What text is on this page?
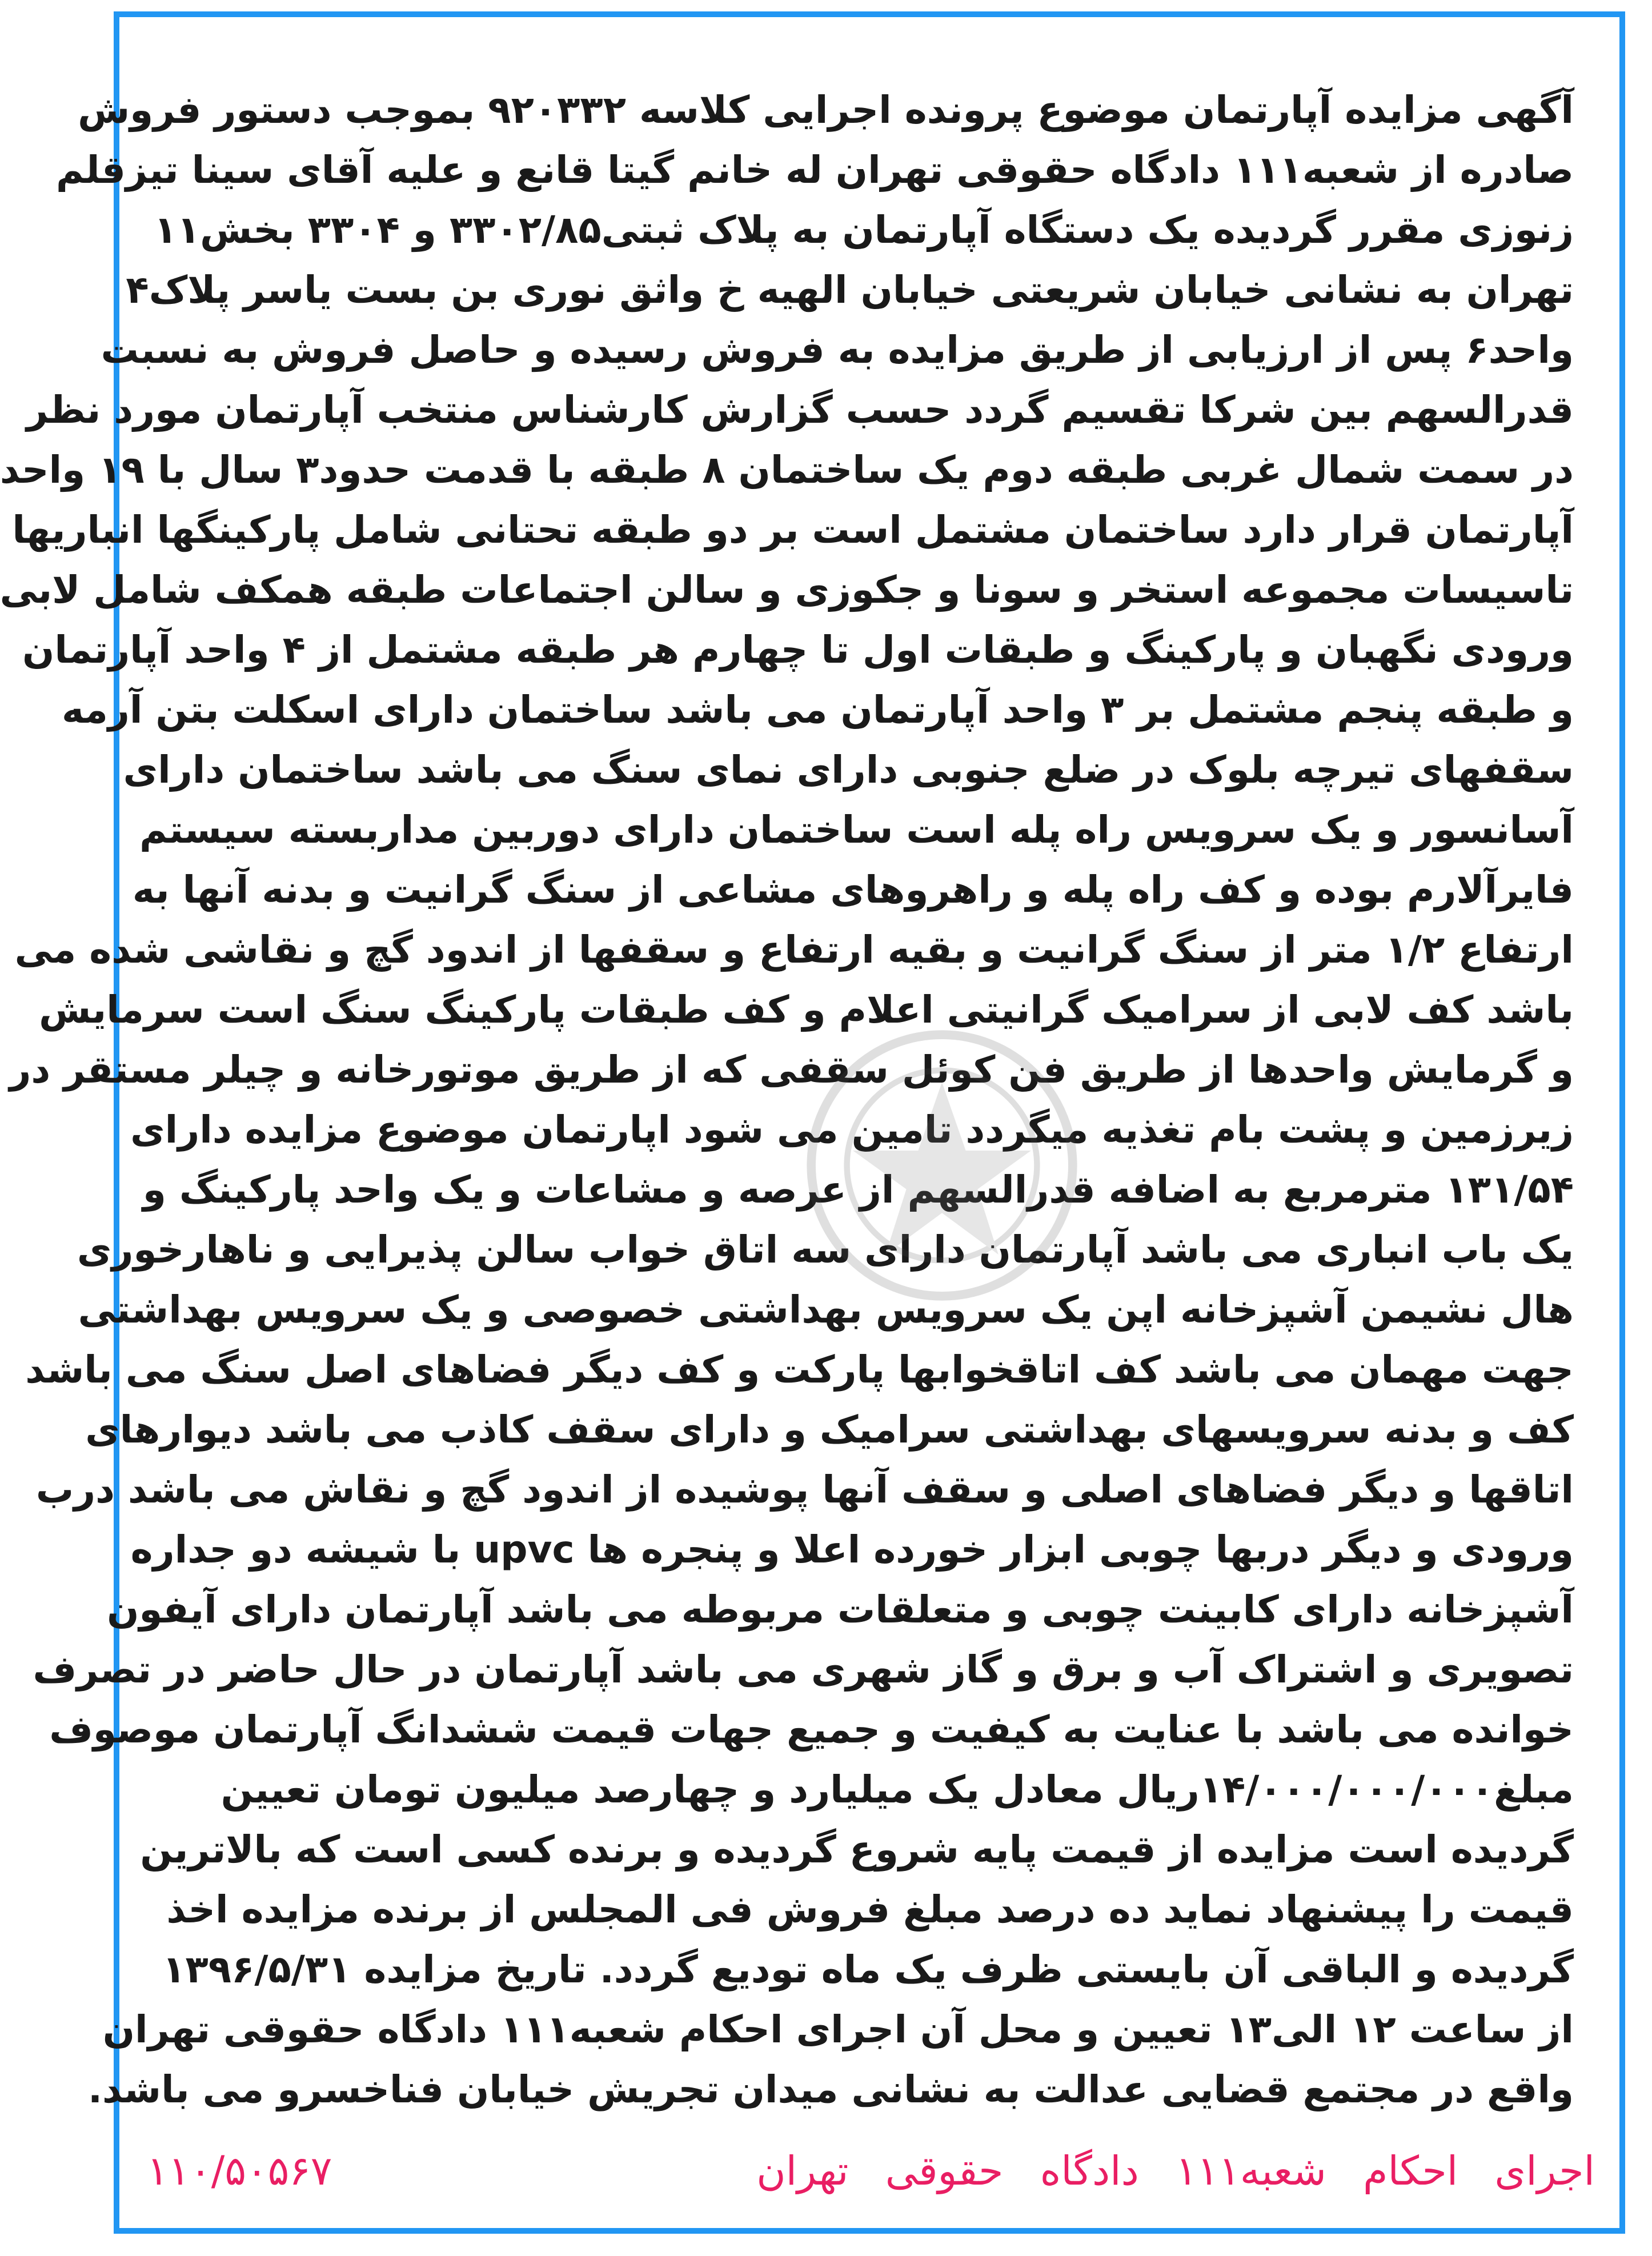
آگهی مزایده آپارتمان موضوع پرونده اجرایی کلاسه ۹۲۰۳۳۲ بموجب دستور فروش
صادره از شعبه۱۱۱ دادگاه حقوقی تهران له خانم گیتا قانع و علیه آقای سینا تیزقلم
زنوزی مقرر گردیده یک دستگاه آپارتمان به پلاک ثبتی۳۳۰۲/۸۵ و ۳۳۰۴ بخش۱۱
تهران به نشانی خیابان شریعتی خیابان الهیه خ واثق نوری بن بست یاسر پلاک۴
واحد۶ پس از ارزیابی از طریق مزایده به فروش رسیده و حاصل فروش به نسبت
قدرالسهم بین شرکا تقسیم گردد حسب گزارش کارشناس منتخب آپارتمان مورد نظر
در سمت شمال غربی طبقه دوم یک ساختمان ۸ طبقه با قدمت حدود۳ سال با ۱۹ واحد
آپارتمان قرار دارد ساختمان مشتمل است بر دو طبقه تحتانی شامل پارکینگها انباریها
تاسیسات مجموعه استخر و سونا و جکوزی و سالن اجتماعات طبقه همکف شامل لابی
ورودی نگهبان و پارکینگ و طبقات اول تا چهارم هر طبقه مشتمل از ۴ واحد آپارتمان
و طبقه پنجم مشتمل بر ۳ واحد آپارتمان می باشد ساختمان دارای اسکلت بتن آرمه
سقفهای تیرچه بلوک در ضلع جنوبی دارای نمای سنگ می باشد ساختمان دارای
آسانسور و یک سرویس راه پله است ساختمان دارای دوربین مداربسته سیستم
فایرآلارم بوده و کف راه پله و راهروهای مشاعی از سنگ گرانیت و بدنه آنها به
ارتفاع ۱/۲ متر از سنگ گرانیت و بقیه ارتفاع و سقفها از اندود گچ و نقاشی شده می
باشد کف لابی از سرامیک گرانیتی اعلام و کف طبقات پارکینگ سنگ است سرمایش
و گرمایش واحدها از طریق فن کوئل سقفی که از طریق موتورخانه و چیلر مستقر در
زیرزمین و پشت بام تغذیه میگردد تامین می شود اپارتمان موضوع مزایده دارای
۱۳۱/۵۴ مترمربع به اضافه قدرالسهم از عرصه و مشاعات و یک واحد پارکینگ و
یک باب انباری می باشد آپارتمان دارای سه اتاق خواب سالن پذیرایی و ناهارخوری
هال نشیمن آشپزخانه اپن یک سرویس بهداشتی خصوصی و یک سرویس بهداشتی
جهت مهمان می باشد کف اتاقخوابها پارکت و کف دیگر فضاهای اصل سنگ می باشد
کف و بدنه سرویسهای بهداشتی سرامیک و دارای سقف کاذب می باشد دیوارهای
اتاقها و دیگر فضاهای اصلی و سقف آنها پوشیده از اندود گچ و نقاش می باشد درب
ورودی و دیگر دربها چوبی ابزار خورده اعلا و پنجره ها upvc با شیشه دو جداره
آشپزخانه دارای کابینت چوبی و متعلقات مربوطه می باشد آپارتمان دارای آیفون
تصویری و اشتراک آب و برق و گاز شهری می باشد آپارتمان در حال حاضر در تصرف
خوانده می باشد با عنایت به کیفیت و جمیع جهات قیمت ششدانگ آپارتمان موصوف
مبلغ۱۴/۰۰۰/۰۰۰/۰۰۰ریال معادل یک میلیارد و چهارصد میلیون تومان تعیین
گردیده است مزایده از قیمت پایه شروع گردیده و برنده کسی است که بالاترین
قیمت را پیشنهاد نماید ده درصد مبلغ فروش فی المجلس از برنده مزایده اخذ
گردیده و الباقی آن بایستی ظرف یک ماه تودیع گردد. تاریخ مزایده ۱۳۹۶/۵/۳۱
از ساعت ۱۲ الی۱۳ تعیین و محل آن اجرای احکام شعبه۱۱۱ دادگاه حقوقی تهران
واقع در مجتمع قضایی عدالت به نشانی میدان تجریش خیابان فناخسرو می باشد.
اجرای احکام شعبه۱۱۱ دادگاه حقوقی تهران
۱۱۰/۵۰۵۶۷
